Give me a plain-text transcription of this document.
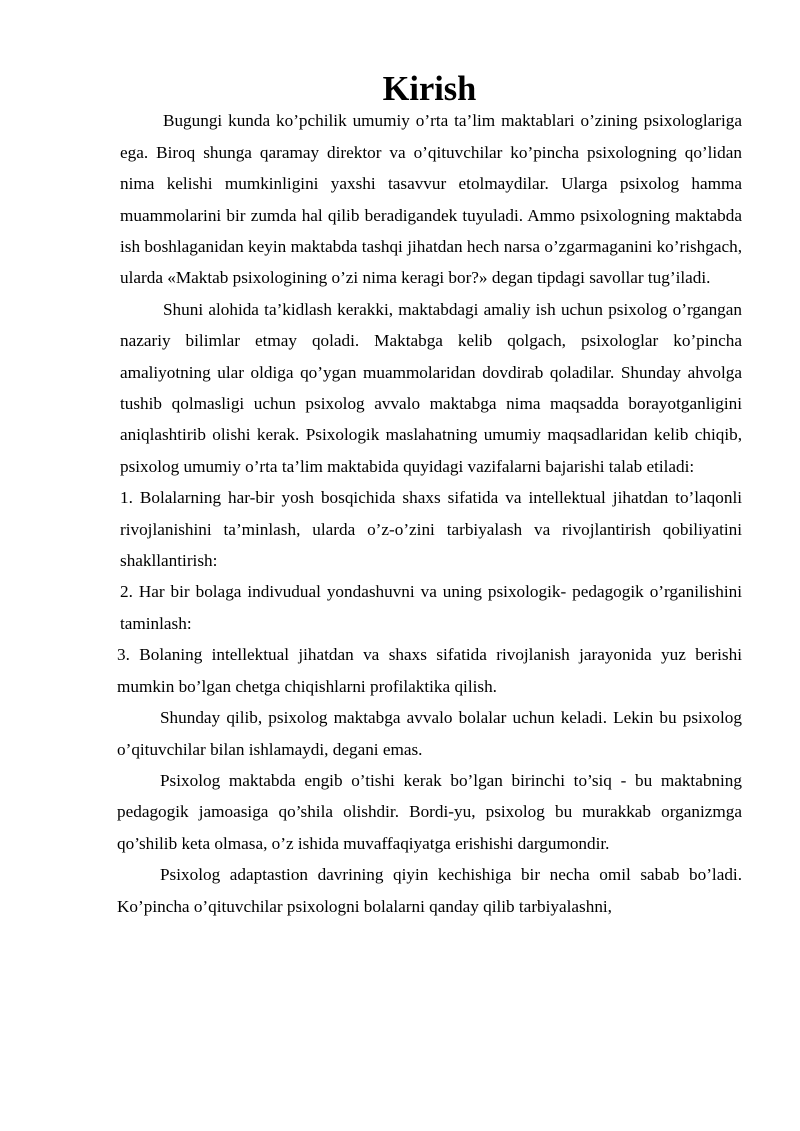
Kirish

Bugungi kunda ko’pchilik umumiy o’rta ta’lim maktablari o’zining psixologlariga ega. Biroq shunga qaramay direktor va o’qituvchilar ko’pincha psixologning qo’lidan nima kelishi mumkinligini yaxshi tasavvur etolmaydilar. Ularga psixolog hamma muammolarini bir zumda hal qilib beradigandek tuyuladi. Ammo psixologning maktabda ish boshlaganidan keyin maktabda tashqi jihatdan hech narsa o’zgarmaganini ko’rishgach, ularda «Maktab psixologining o’zi nima keragi bor?» degan tipdagi savollar tug’iladi.

Shuni alohida ta’kidlash kerakki, maktabdagi amaliy ish uchun psixolog o’rgangan nazariy bilimlar etmay qoladi. Maktabga kelib qolgach, psixologlar ko’pincha amaliyotning ular oldiga qo’ygan muammolaridan dovdirab qoladilar. Shunday ahvolga tushib qolmasligi uchun psixolog avvalo maktabga nima maqsadda borayotganligini aniqlashtirib olishi kerak. Psixologik maslahatning umumiy maqsadlaridan kelib chiqib, psixolog umumiy o’rta ta’lim maktabida quyidagi vazifalarni bajarishi talab etiladi:

1. Bolalarning har-bir yosh bosqichida shaxs sifatida va intellektual jihatdan to’laqonli rivojlanishini ta’minlash, ularda o’z-o’zini tarbiyalash va rivojlantirish qobiliyatini shakllantirish:

2. Har bir bolaga indivudual yondashuvni va uning psixologik- pedagogik o’rganilishini taminlash:

3. Bolaning intellektual jihatdan va shaxs sifatida rivojlanish jarayonida yuz berishi mumkin bo’lgan chetga chiqishlarni profilaktika qilish.

Shunday qilib, psixolog maktabga avvalo bolalar uchun keladi. Lekin bu psixolog o’qituvchilar bilan ishlamaydi, degani emas.

Psixolog maktabda engib o’tishi kerak bo’lgan birinchi to’siq - bu maktabning pedagogik jamoasiga qo’shila olishdir. Bordi-yu, psixolog bu murakkab organizmga qo’shilib keta olmasa, o’z ishida muvaffaqiyatga erishishi dargumondir.

Psixolog adaptastion davrining qiyin kechishiga bir necha omil sabab bo’ladi. Ko’pincha o’qituvchilar psixologni bolalarni qanday qilib tarbiyalashni,
